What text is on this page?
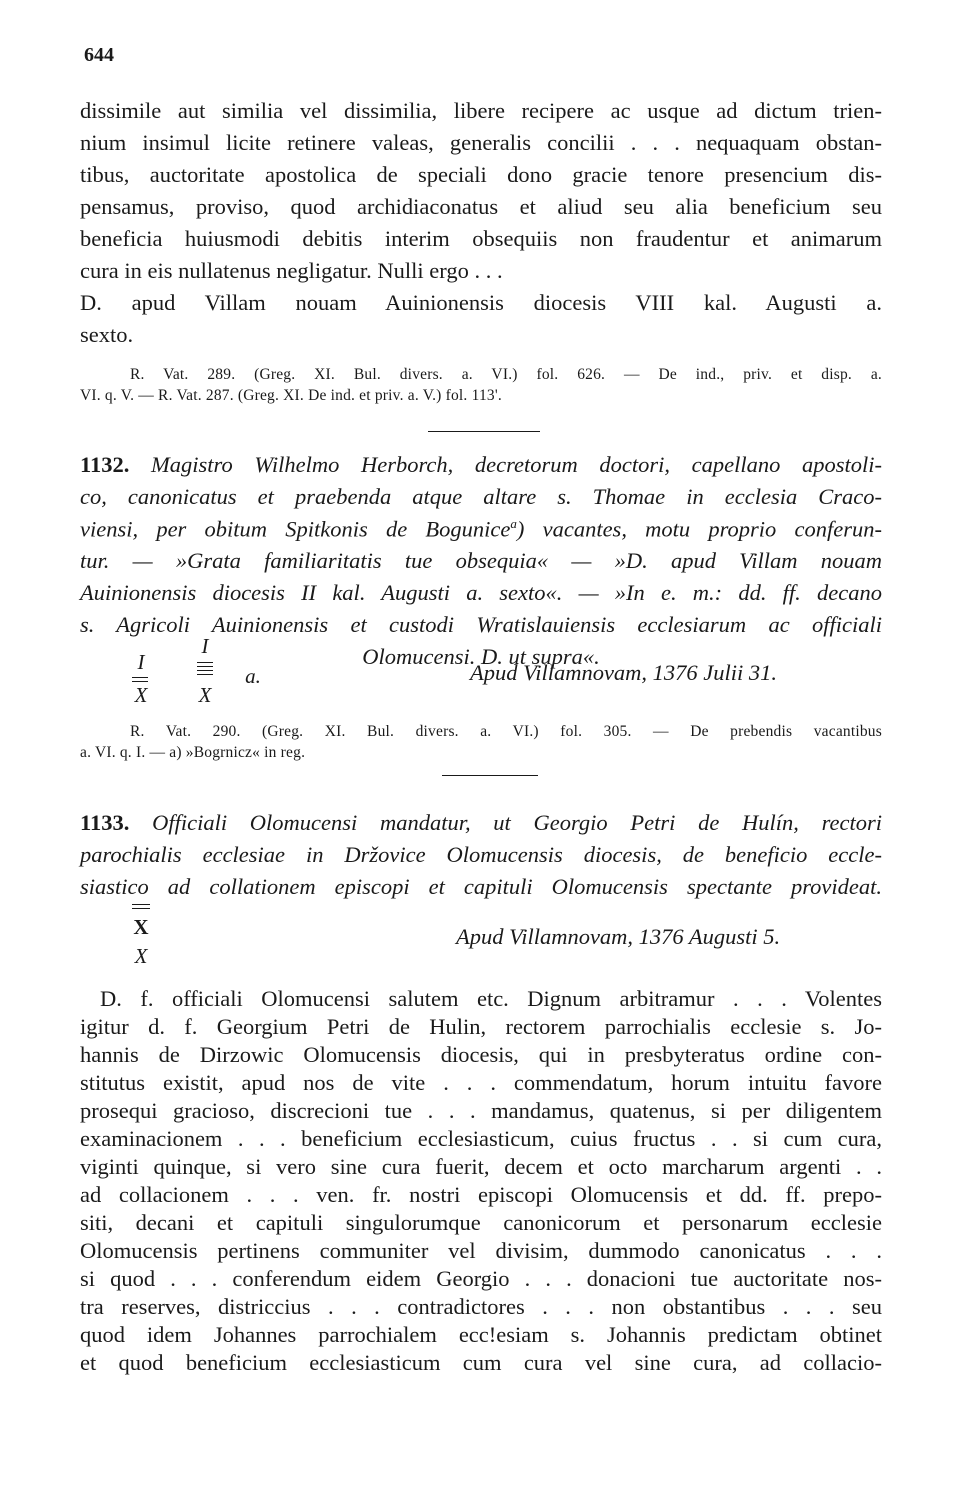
644
dissimile aut similia vel dissimilia, libere recipere ac usque ad dictum trien-
nium insimul licite retinere valeas, generalis concilii . . . nequaquam obstan-
tibus, auctoritate apostolica de speciali dono gracie tenore presencium dis-
pensamus, proviso, quod archidiaconatus et aliud seu alia beneficium seu
beneficia huiusmodi debitis interim obsequiis non fraudentur et animarum
cura in eis nullatenus negligatur. Nulli ergo . . .
D. apud Villam nouam Auinionensis diocesis VIII kal. Augusti a.
sexto.
R. Vat. 289. (Greg. XI. Bul. divers. a. VI.) fol. 626. — De ind., priv. et disp. a.
VI. q. V. — R. Vat. 287. (Greg. XI. De ind. et priv. a. V.) fol. 113'.
1132. Magistro Wilhelmo Herborch, decretorum doctori, capellano apostoli-
co, canonicatus et praebenda atque altare s. Thomae in ecclesia Craco-
viensi, per obitum Spitkonis de Bogunice$^a$) vacantes, motu proprio conferun-
tur. — »Grata familiaritatis tue obsequia« — »D. apud Villam nouam
Auinionensis diocesis II kal. Augusti a. sexto«. — »In e. m.: dd. ff. decano
s. Agricoli Auinionensis et custodi Wratislauiensis ecclesiarum ac officiali
Olomucensi. D. ut supra«.
I
X
I
X
a.	Apud Villamnovam, 1376 Julii 31.
R. Vat. 290. (Greg. XI. Bul. divers. a. VI.) fol. 305. — De prebendis vacantibus
a. VI. q. I. — a) »Bogrnicz« in reg.
1133. Officiali Olomucensi mandatur, ut Georgio Petri de Hulín, rectori
parochialis ecclesiae in Držovice Olomucensis diocesis, de beneficio eccle-
siastico ad collationem episcopi et capituli Olomucensis spectante provideat.
X
X
Apud Villamnovam, 1376 Augusti 5.
D. f. officiali Olomucensi salutem etc. Dignum arbitramur . . . Volentes
igitur d. f. Georgium Petri de Hulin, rectorem parrochialis ecclesie s. Jo-
hannis de Dirzowic Olomucensis diocesis, qui in presbyteratus ordine con-
stitutus existit, apud nos de vite . . . commendatum, horum intuitu favore
prosequi gracioso, discrecioni tue . . . mandamus, quatenus, si per diligentem
examinacionem . . . beneficium ecclesiasticum, cuius fructus . . si cum cura,
viginti quinque, si vero sine cura fuerit, decem et octo marcharum argenti . .
ad collacionem . . . ven. fr. nostri episcopi Olomucensis et dd. ff. prepo-
siti, decani et capituli singulorumque canonicorum et personarum ecclesie
Olomucensis pertinens communiter vel divisim, dummodo canonicatus . . .
si quod . . . conferendum eidem Georgio . . . donacioni tue auctoritate nos-
tra reserves, districcius . . . contradictores . . . non obstantibus . . . seu
quod idem Johannes parrochialem ecc!esiam s. Johannis predictam obtinet
et quod beneficium ecclesiasticum cum cura vel sine cura, ad collacio-
